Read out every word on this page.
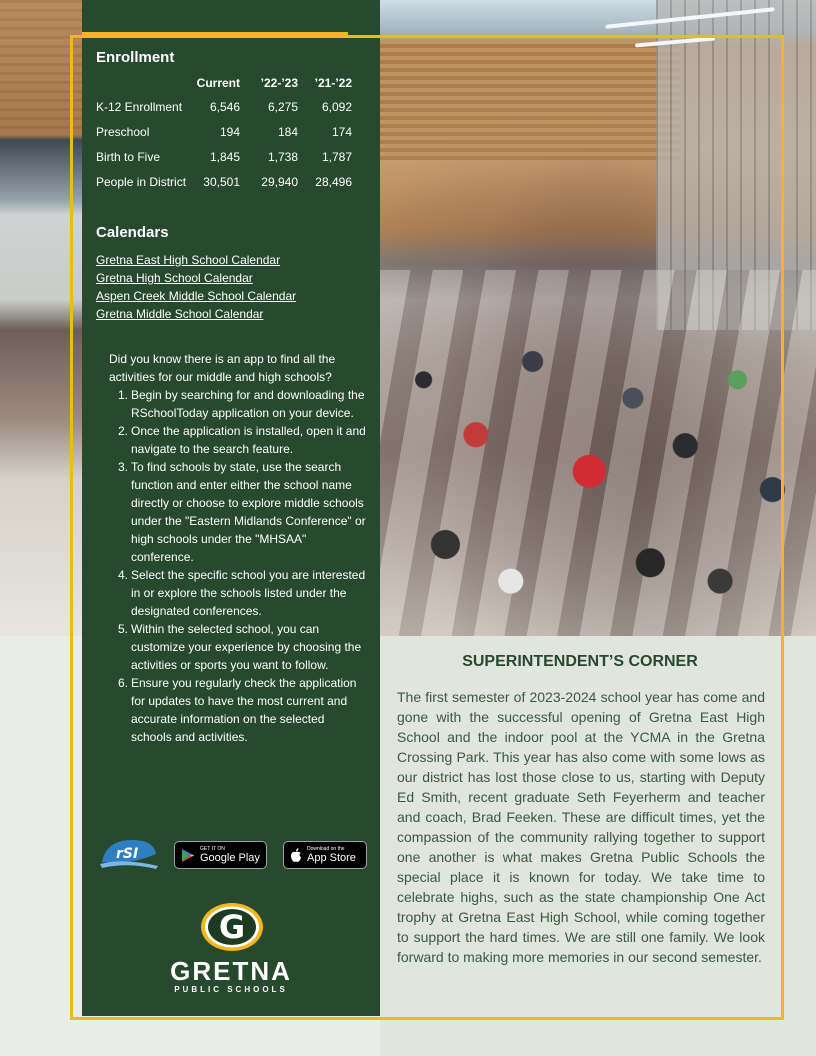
Enrollment
	Current	’22-’23	’21-’22
K-12 Enrollment	6,546	6,275	6,092
Preschool	194	184	174
Birth to Five	1,845	1,738	1,787
People in District	30,501	29,940	28,496
Calendars
Gretna East High School Calendar
Gretna High School Calendar
Aspen Creek Middle School Calendar
Gretna Middle School Calendar

Did you know there is an app to find all the activities for our middle and high schools?

1. Begin by searching for and downloading the RSchoolToday application on your device.
2. Once the application is installed, open it and navigate to the search feature.
3. To find schools by state, use the search function and enter either the school name directly or choose to explore middle schools under the "Eastern Midlands Conference" or high schools under the "MHSAA" conference.
4. Select the specific school you are interested in or explore the schools listed under the designated conferences.
5. Within the selected school, you can customize your experience by choosing the activities or sports you want to follow.
6. Ensure you regularly check the application for updates to have the most current and accurate information on the selected schools and activities.
rSI	GET IT ON
Google Play
Download on the
App Store
G
GRETNA
PUBLIC SCHOOLS
SUPERINTENDENT’S CORNER

The first semester of 2023-2024 school year has come and gone with the successful opening of Gretna East High School and the indoor pool at the YCMA in the Gretna Crossing Park. This year has also come with some lows as our district has lost those close to us, starting with Deputy Ed Smith, recent graduate Seth Feyerherm and teacher and coach, Brad Feeken. These are difficult times, yet the compassion of the community rallying together to support one another is what makes Gretna Public Schools the special place it is known for today. We take time to celebrate highs, such as the state championship One Act trophy at Gretna East High School, while coming together to support the hard times. We are still one family. We look forward to making more memories in our second semester.
